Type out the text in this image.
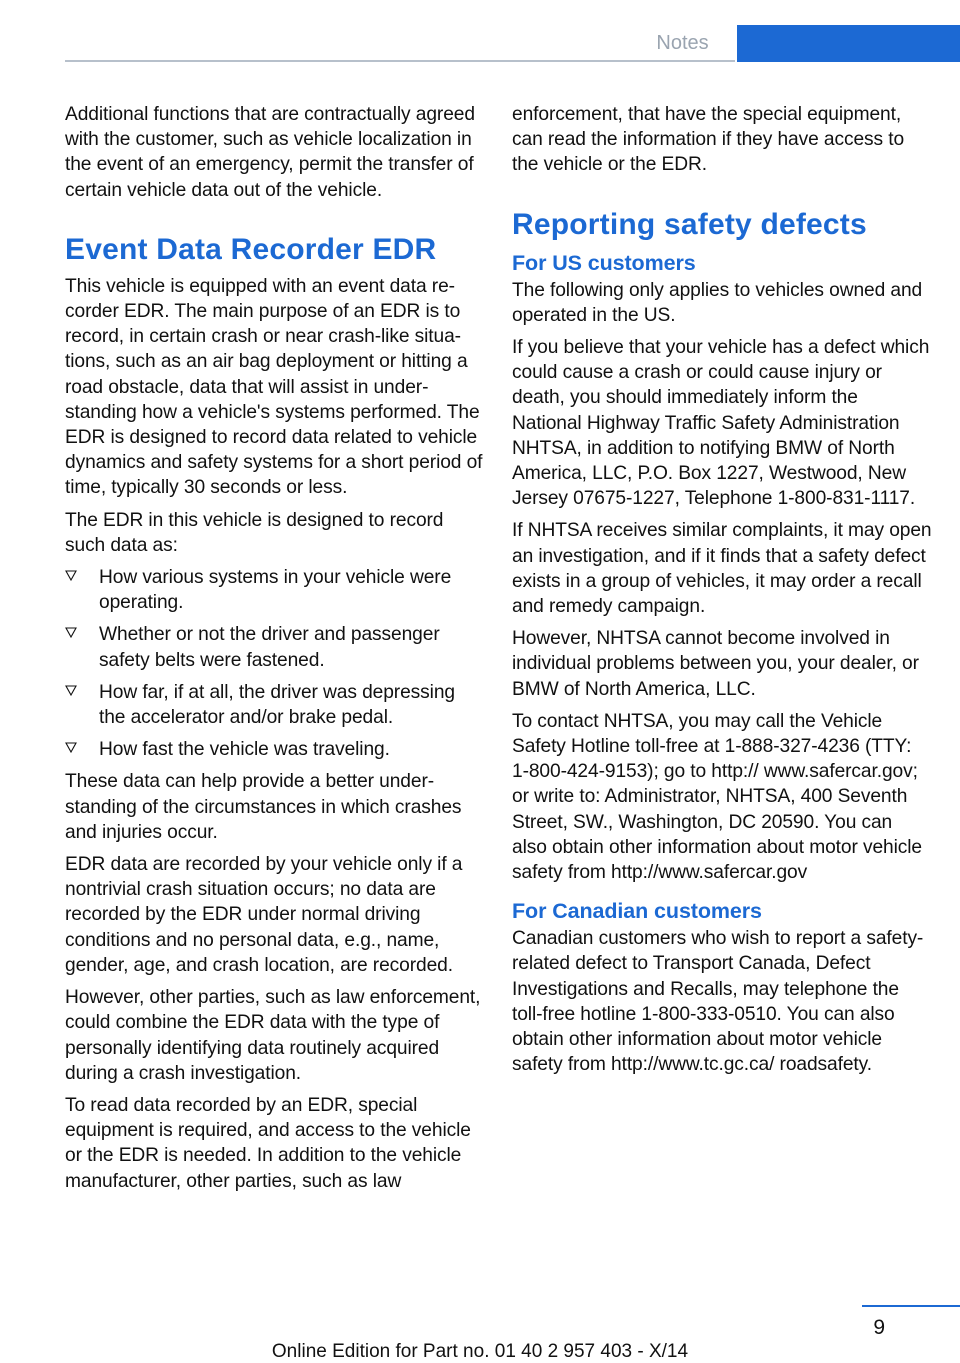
Notes

Additional functions that are contractually agreed with the customer, such as vehicle localization in the event of an emergency, permit the transfer of certain vehicle data out of the vehicle.

Event Data Recorder EDR

This vehicle is equipped with an event data recorder EDR. The main purpose of an EDR is to record, in certain crash or near crash-like situations, such as an air bag deployment or hitting a road obstacle, data that will assist in understanding how a vehicle's systems performed. The EDR is designed to record data related to vehicle dynamics and safety systems for a short period of time, typically 30 seconds or less.

The EDR in this vehicle is designed to record such data as:

How various systems in your vehicle were operating.
Whether or not the driver and passenger safety belts were fastened.
How far, if at all, the driver was depressing the accelerator and/or brake pedal.
How fast the vehicle was traveling.

These data can help provide a better understanding of the circumstances in which crashes and injuries occur.

EDR data are recorded by your vehicle only if a nontrivial crash situation occurs; no data are recorded by the EDR under normal driving conditions and no personal data, e.g., name, gender, age, and crash location, are recorded.

However, other parties, such as law enforcement, could combine the EDR data with the type of personally identifying data routinely acquired during a crash investigation.

To read data recorded by an EDR, special equipment is required, and access to the vehicle or the EDR is needed. In addition to the vehicle manufacturer, other parties, such as law

enforcement, that have the special equipment, can read the information if they have access to the vehicle or the EDR.

Reporting safety defects
For US customers

The following only applies to vehicles owned and operated in the US.

If you believe that your vehicle has a defect which could cause a crash or could cause injury or death, you should immediately inform the National Highway Traffic Safety Administration NHTSA, in addition to notifying BMW of North America, LLC, P.O. Box 1227, Westwood, New Jersey 07675-1227, Telephone 1-800-831-1117.

If NHTSA receives similar complaints, it may open an investigation, and if it finds that a safety defect exists in a group of vehicles, it may order a recall and remedy campaign.

However, NHTSA cannot become involved in individual problems between you, your dealer, or BMW of North America, LLC.

To contact NHTSA, you may call the Vehicle Safety Hotline toll-free at 1-888-327-4236 (TTY: 1-800-424-9153); go to http:// www.safercar.gov; or write to: Administrator, NHTSA, 400 Seventh Street, SW., Washington, DC 20590. You can also obtain other information about motor vehicle safety from http://www.safercar.gov

For Canadian customers

Canadian customers who wish to report a safety- related defect to Transport Canada, Defect Investigations and Recalls, may telephone the toll-free hotline 1-800-333-0510. You can also obtain other information about motor vehicle safety from http://www.tc.gc.ca/ roadsafety.

9
Online Edition for Part no. 01 40 2 957 403 - X/14
